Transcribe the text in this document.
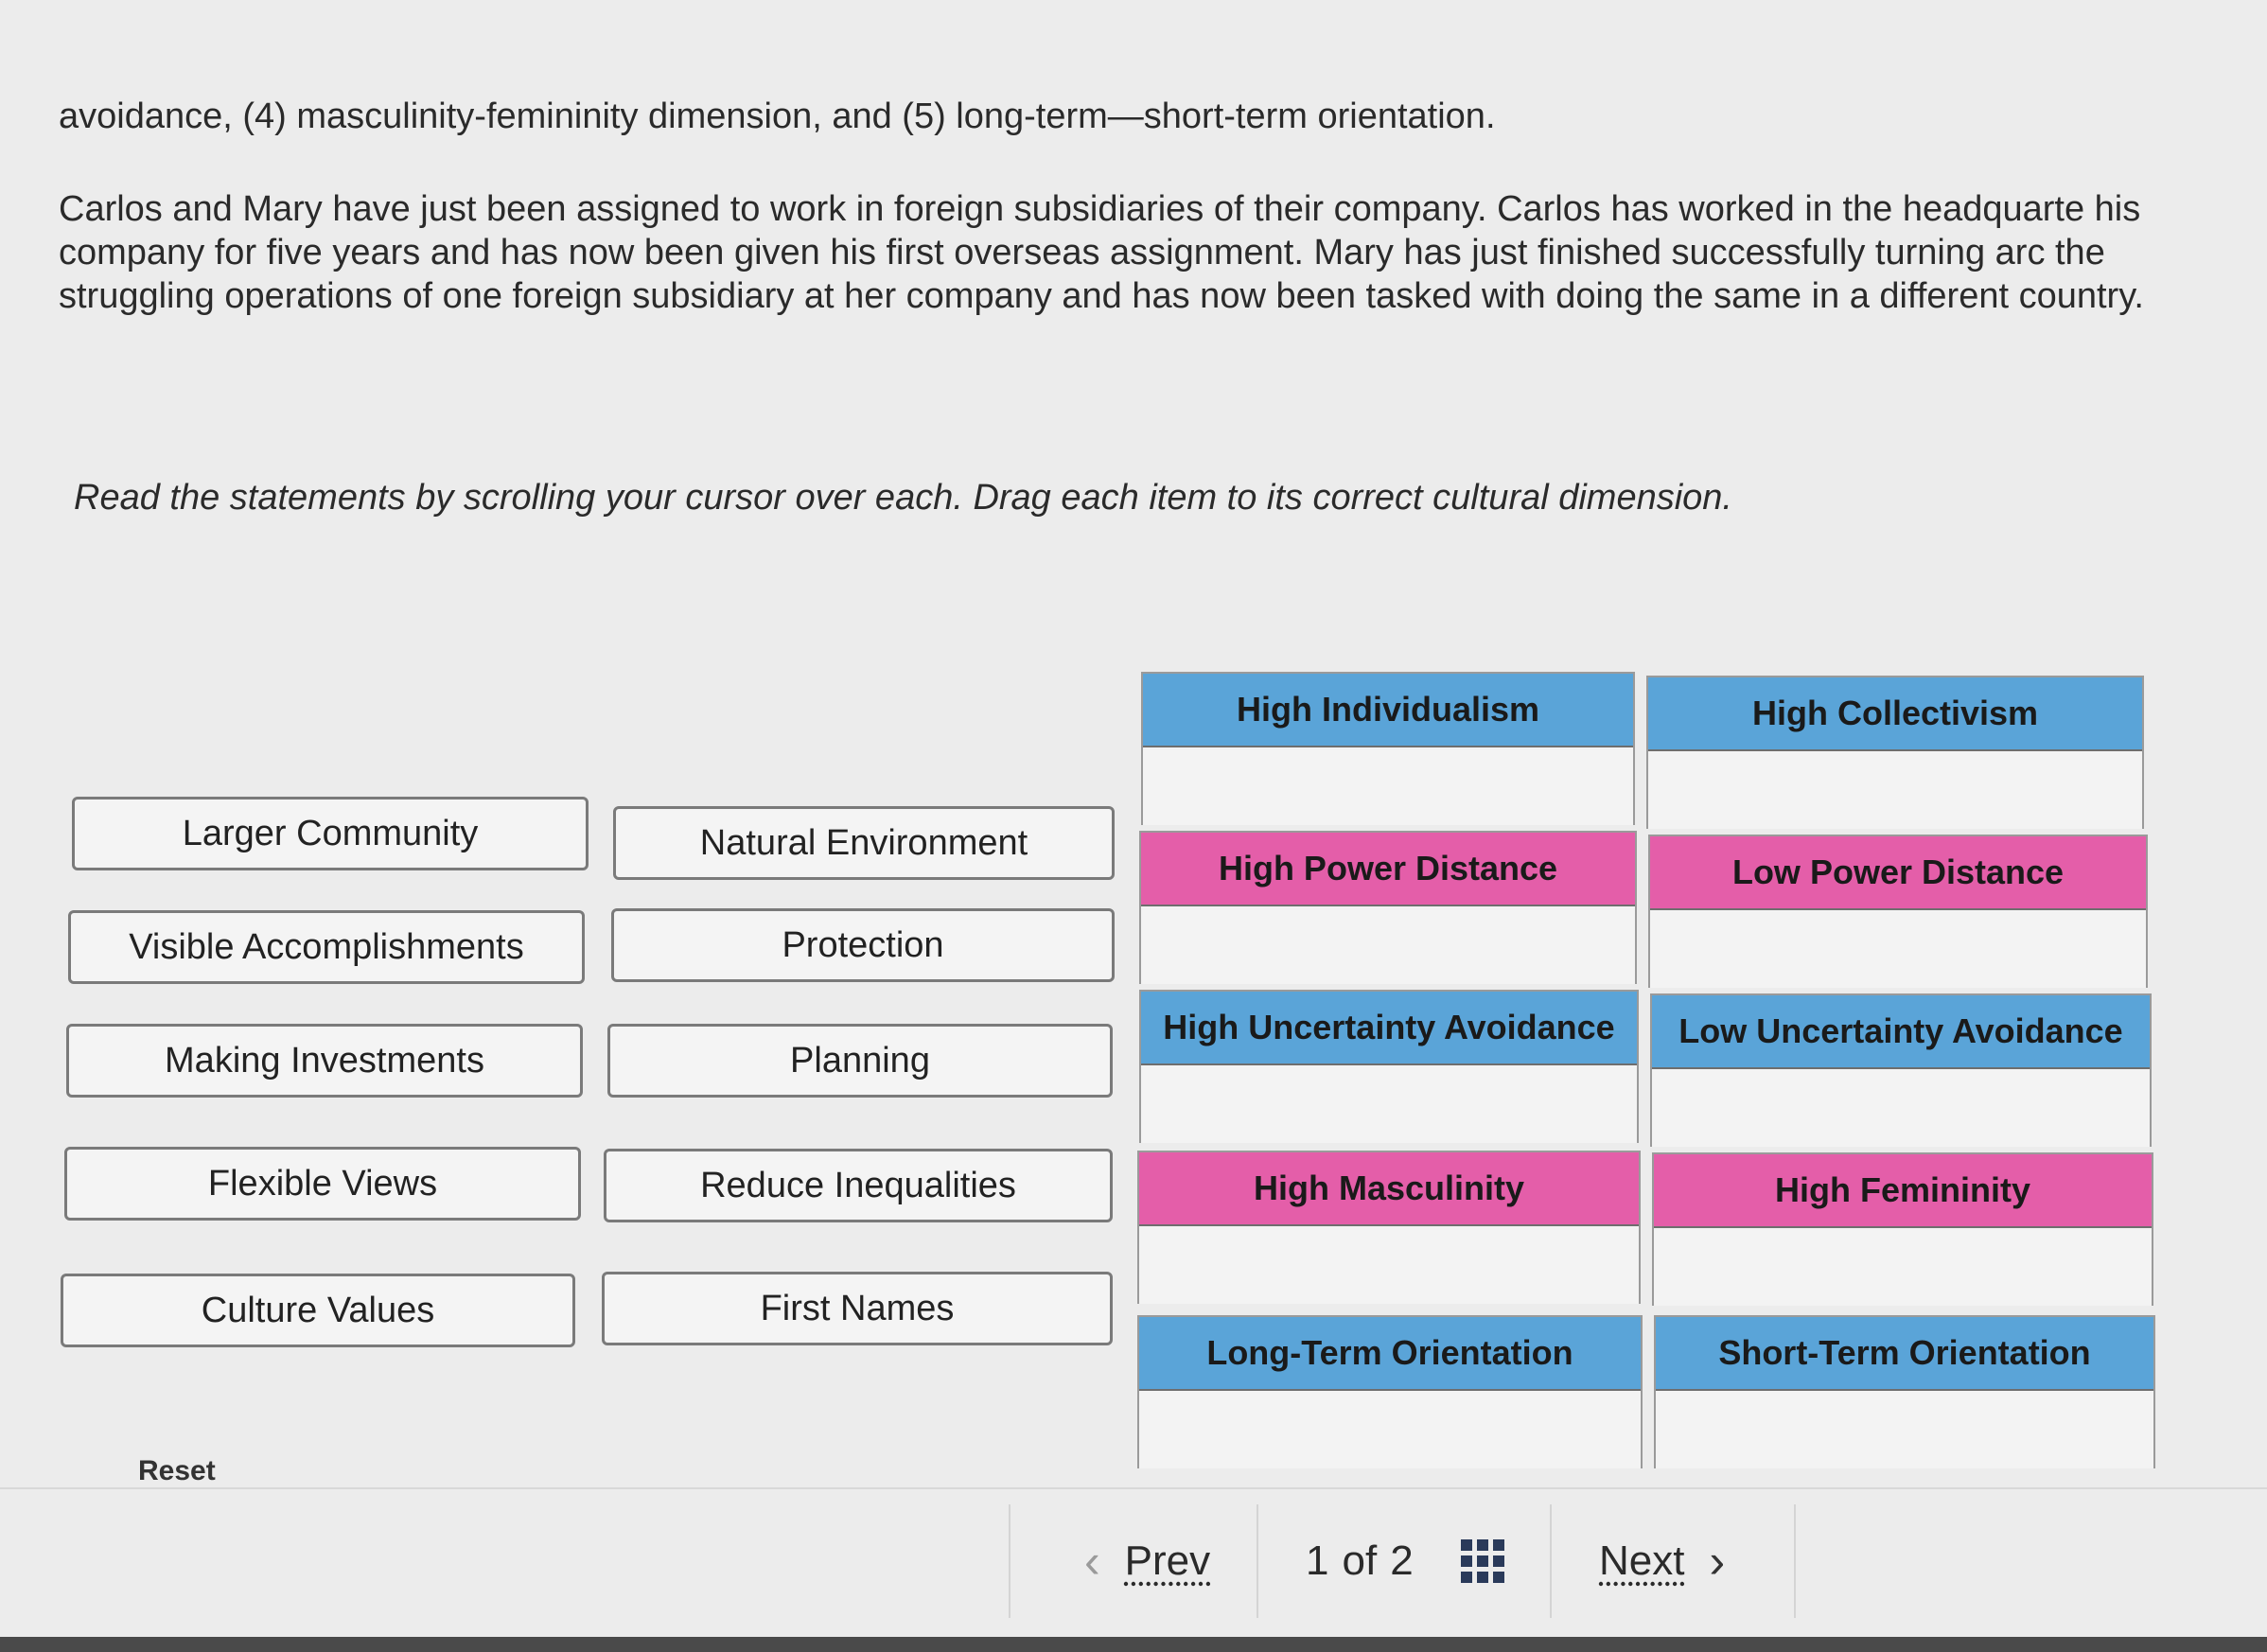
avoidance, (4) masculinity-femininity dimension, and (5) long-term—short-term orientation.
Carlos and Mary have just been assigned to work in foreign subsidiaries of their company. Carlos has worked in the headquarte his company for five years and has now been given his first overseas assignment. Mary has just finished successfully turning arc the struggling operations of one foreign subsidiary at her company and has now been tasked with doing the same in a different country.
Read the statements by scrolling your cursor over each. Drag each item to its correct cultural dimension.
Larger Community	Natural Environment
Visible Accomplishments	Protection
Making Investments	Planning
Flexible Views	Reduce Inequalities
Culture Values	First Names
High Individualism	High Collectivism
High Power Distance	Low Power Distance
High Uncertainty Avoidance	Low Uncertainty Avoidance
High Masculinity	High Femininity
Long-Term Orientation	Short-Term Orientation
Reset
‹ Prev 1 of 2	Next ›
